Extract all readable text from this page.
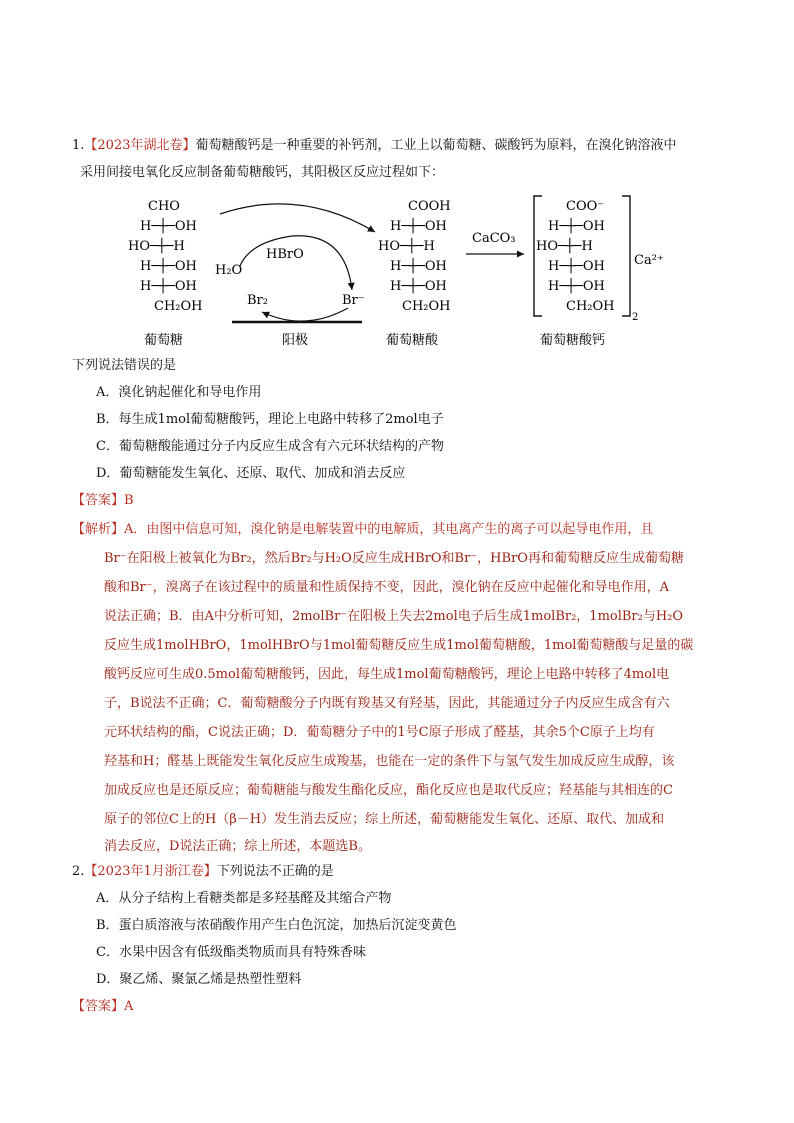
1.【2023年湖北卷】葡萄糖酸钙是一种重要的补钙剂，工业上以葡萄糖、碳酸钙为原料，在溴化钠溶液中
采用间接电氧化反应制备葡萄糖酸钙，其阳极区反应过程如下：
CHO
H─┼─OH
HO─┼─H
H─┼─OH
H─┼─OH
CH₂OH
HBrO
H₂O
Br₂	Br⁻
COOH
H─┼─OH
HO─┼─H
H─┼─OH
H─┼─OH
CH₂OH
CaCO₃
COO⁻
H─┼─OH
HO─┼─H
H─┼─OH
H─┼─OH
CH₂OH
2
Ca²⁺
葡萄糖	阳极	葡萄糖酸	葡萄糖酸钙
下列说法错误的是
A．溴化钠起催化和导电作用
B．每生成1mol葡萄糖酸钙，理论上电路中转移了2mol电子
C．葡萄糖酸能通过分子内反应生成含有六元环状结构的产物
D．葡萄糖能发生氧化、还原、取代、加成和消去反应
【答案】B
【解析】A．由图中信息可知，溴化钠是电解装置中的电解质，其电离产生的离子可以起导电作用，且
Br⁻在阳极上被氧化为Br₂，然后Br₂与H₂O反应生成HBrO和Br⁻，HBrO再和葡萄糖反应生成葡萄糖
酸和Br⁻，溴离子在该过程中的质量和性质保持不变，因此，溴化钠在反应中起催化和导电作用，A
说法正确；B．由A中分析可知，2molBr⁻在阳极上失去2mol电子后生成1molBr₂，1molBr₂与H₂O
反应生成1molHBrO，1molHBrO与1mol葡萄糖反应生成1mol葡萄糖酸，1mol葡萄糖酸与足量的碳
酸钙反应可生成0.5mol葡萄糖酸钙，因此，每生成1mol葡萄糖酸钙，理论上电路中转移了4mol电
子，B说法不正确；C．葡萄糖酸分子内既有羧基又有羟基，因此，其能通过分子内反应生成含有六
元环状结构的酯，C说法正确；D．葡萄糖分子中的1号C原子形成了醛基，其余5个C原子上均有
羟基和H；醛基上既能发生氧化反应生成羧基，也能在一定的条件下与氢气发生加成反应生成醇，该
加成反应也是还原反应；葡萄糖能与酸发生酯化反应，酯化反应也是取代反应；羟基能与其相连的C
原子的邻位C上的H（β－H）发生消去反应；综上所述，葡萄糖能发生氧化、还原、取代、加成和
消去反应，D说法正确；综上所述，本题选B。
2.【2023年1月浙江卷】下列说法不正确的是
A．从分子结构上看糖类都是多羟基醛及其缩合产物
B．蛋白质溶液与浓硝酸作用产生白色沉淀，加热后沉淀变黄色
C．水果中因含有低级酯类物质而具有特殊香味
D．聚乙烯、聚氯乙烯是热塑性塑料
【答案】A
